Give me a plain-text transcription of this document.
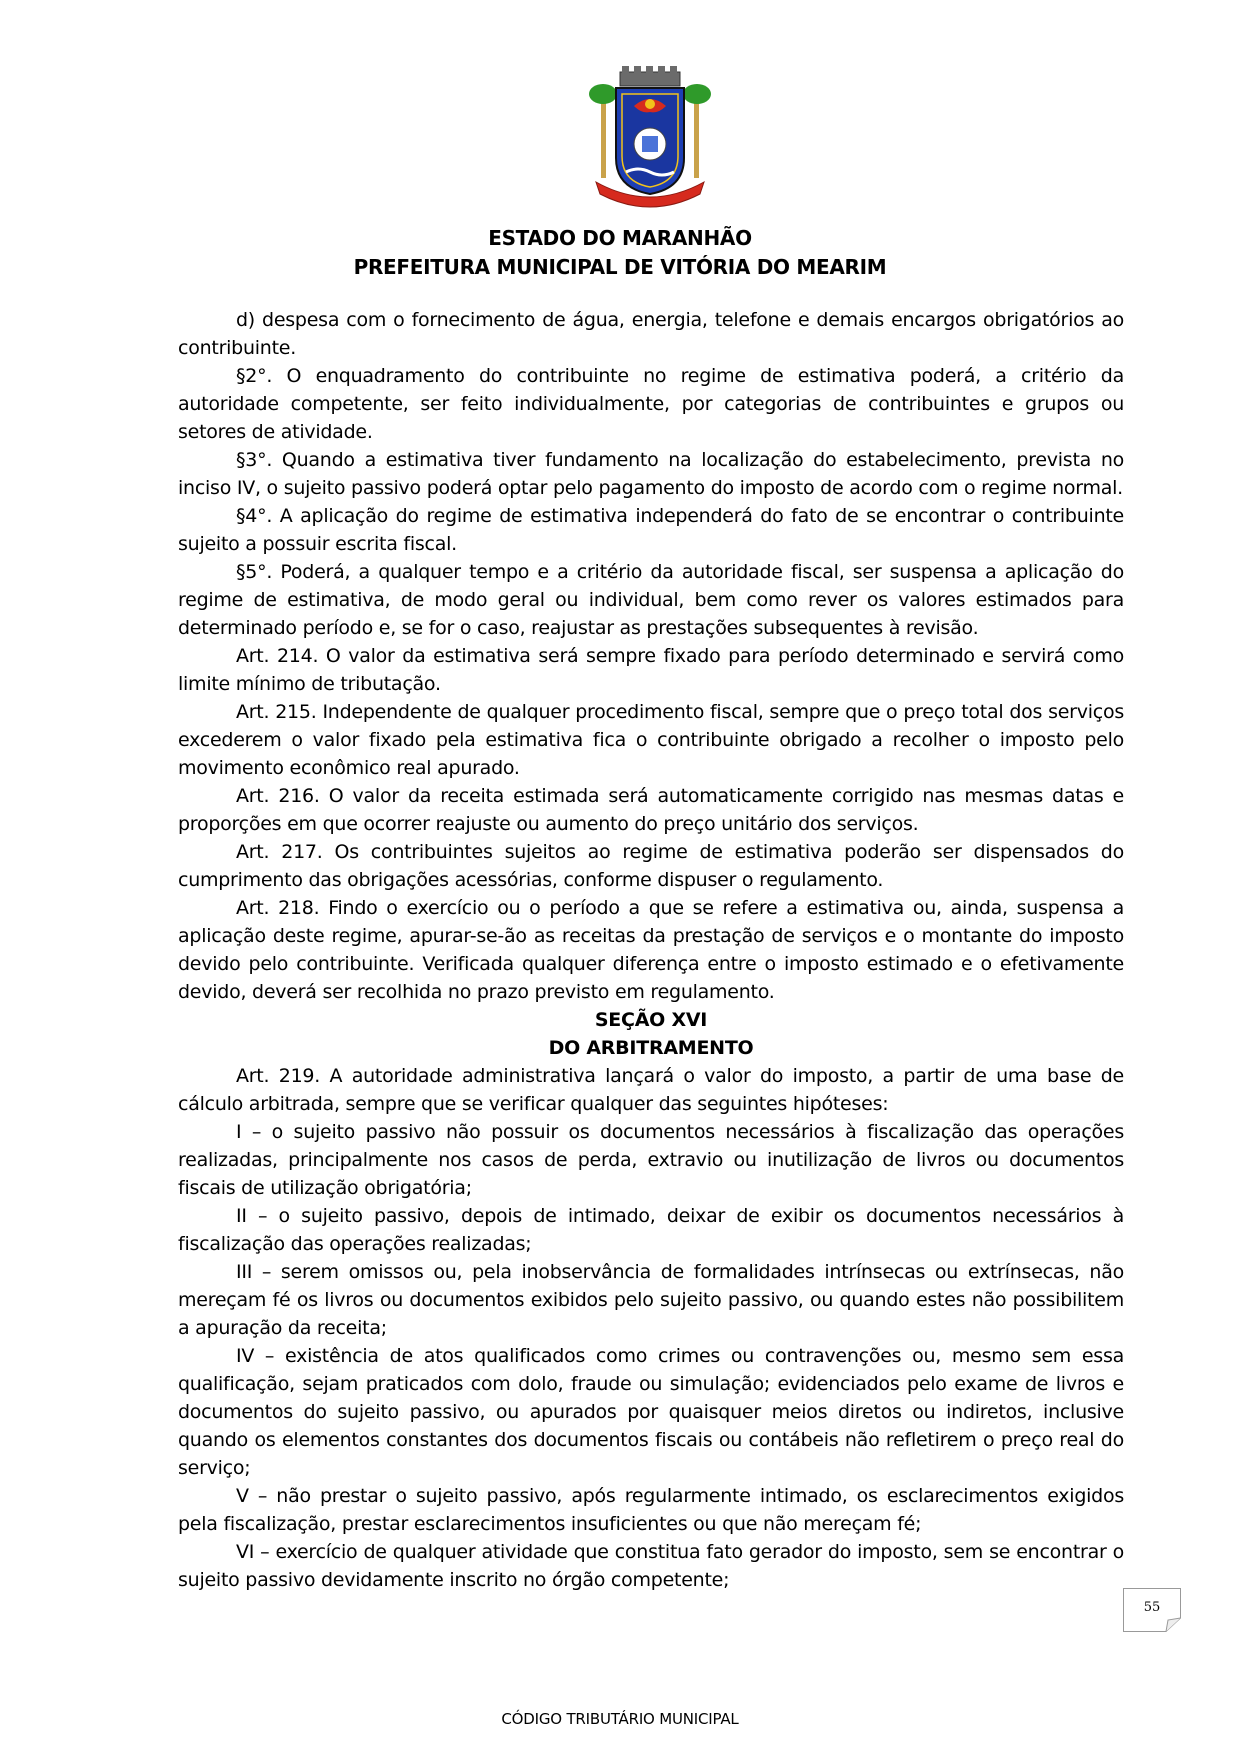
ESTADO DO MARANHÃO
PREFEITURA MUNICIPAL DE VITÓRIA DO MEARIM

d) despesa com o fornecimento de água, energia, telefone e demais encargos obrigatórios ao contribuinte.

§2°. O enquadramento do contribuinte no regime de estimativa poderá, a critério da autoridade competente, ser feito individualmente, por categorias de contribuintes e grupos ou setores de atividade.

§3°. Quando a estimativa tiver fundamento na localização do estabelecimento, prevista no inciso IV, o sujeito passivo poderá optar pelo pagamento do imposto de acordo com o regime normal.

§4°. A aplicação do regime de estimativa independerá do fato de se encontrar o contribuinte sujeito a possuir escrita fiscal.

§5°. Poderá, a qualquer tempo e a critério da autoridade fiscal, ser suspensa a aplicação do regime de estimativa, de modo geral ou individual, bem como rever os valores estimados para determinado período e, se for o caso, reajustar as prestações subsequentes à revisão.

Art. 214. O valor da estimativa será sempre fixado para período determinado e servirá como limite mínimo de tributação.

Art. 215. Independente de qualquer procedimento fiscal, sempre que o preço total dos serviços excederem o valor fixado pela estimativa fica o contribuinte obrigado a recolher o imposto pelo movimento econômico real apurado.

Art. 216. O valor da receita estimada será automaticamente corrigido nas mesmas datas e proporções em que ocorrer reajuste ou aumento do preço unitário dos serviços.

Art. 217. Os contribuintes sujeitos ao regime de estimativa poderão ser dispensados do cumprimento das obrigações acessórias, conforme dispuser o regulamento.

Art. 218. Findo o exercício ou o período a que se refere a estimativa ou, ainda, suspensa a aplicação deste regime, apurar-se-ão as receitas da prestação de serviços e o montante do imposto devido pelo contribuinte. Verificada qualquer diferença entre o imposto estimado e o efetivamente devido, deverá ser recolhida no prazo previsto em regulamento.

SEÇÃO XVI

DO ARBITRAMENTO

Art. 219. A autoridade administrativa lançará o valor do imposto, a partir de uma base de cálculo arbitrada, sempre que se verificar qualquer das seguintes hipóteses:

I – o sujeito passivo não possuir os documentos necessários à fiscalização das operações realizadas, principalmente nos casos de perda, extravio ou inutilização de livros ou documentos fiscais de utilização obrigatória;

II – o sujeito passivo, depois de intimado, deixar de exibir os documentos necessários à fiscalização das operações realizadas;

III – serem omissos ou, pela inobservância de formalidades intrínsecas ou extrínsecas, não mereçam fé os livros ou documentos exibidos pelo sujeito passivo, ou quando estes não possibilitem a apuração da receita;

IV – existência de atos qualificados como crimes ou contravenções ou, mesmo sem essa qualificação, sejam praticados com dolo, fraude ou simulação; evidenciados pelo exame de livros e documentos do sujeito passivo, ou apurados por quaisquer meios diretos ou indiretos, inclusive quando os elementos constantes dos documentos fiscais ou contábeis não refletirem o preço real do serviço;

V – não prestar o sujeito passivo, após regularmente intimado, os esclarecimentos exigidos pela fiscalização, prestar esclarecimentos insuficientes ou que não mereçam fé;

VI – exercício de qualquer atividade que constitua fato gerador do imposto, sem se encontrar o sujeito passivo devidamente inscrito no órgão competente;

55
CÓDIGO TRIBUTÁRIO MUNICIPAL
